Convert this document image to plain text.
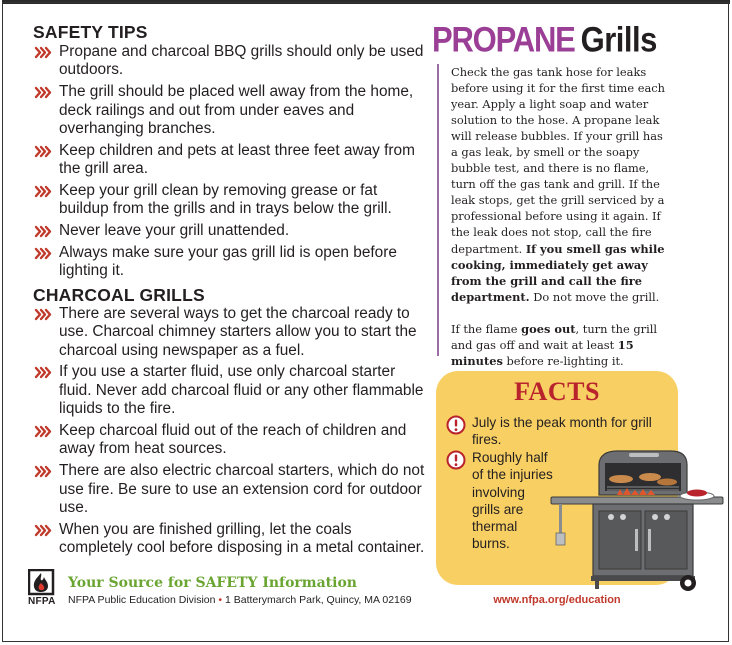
SAFETY TIPS
Propane and charcoal BBQ grills should only be used outdoors.
The grill should be placed well away from the home, deck railings and out from under eaves and overhanging branches.
Keep children and pets at least three feet away from the grill area.
Keep your grill clean by removing grease or fat buildup from the grills and in trays below the grill.
Never leave your grill unattended.
Always make sure your gas grill lid is open before lighting it.
CHARCOAL GRILLS
There are several ways to get the charcoal ready to use. Charcoal chimney starters allow you to start the charcoal using newspaper as a fuel.
If you use a starter fluid, use only charcoal starter fluid. Never add charcoal fluid or any other flammable liquids to the fire.
Keep charcoal fluid out of the reach of children and away from heat sources.
There are also electric charcoal starters, which do not use fire. Be sure to use an extension cord for outdoor use.
When you are finished grilling, let the coals completely cool before disposing in a metal container.
NFPA
Your Source for SAFETY Information
NFPA Public Education Division • 1 Batterymarch Park, Quincy, MA 02169
PROPANE Grills

Check the gas tank hose for leaks before using it for the first time each year. Apply a light soap and water solution to the hose. A propane leak will release bubbles. If your grill has a gas leak, by smell or the soapy bubble test, and there is no flame, turn off the gas tank and grill. If the leak stops, get the grill serviced by a professional before using it again. If the leak does not stop, call the fire department. If you smell gas while cooking, immediately get away from the grill and call the fire department. Do not move the grill.

If the flame goes out, turn the grill and gas off and wait at least 15 minutes before re-lighting it.

FACTS
July is the peak month for grill fires.
Roughly half of the injuries involving grills are thermal burns.
www.nfpa.org/education
